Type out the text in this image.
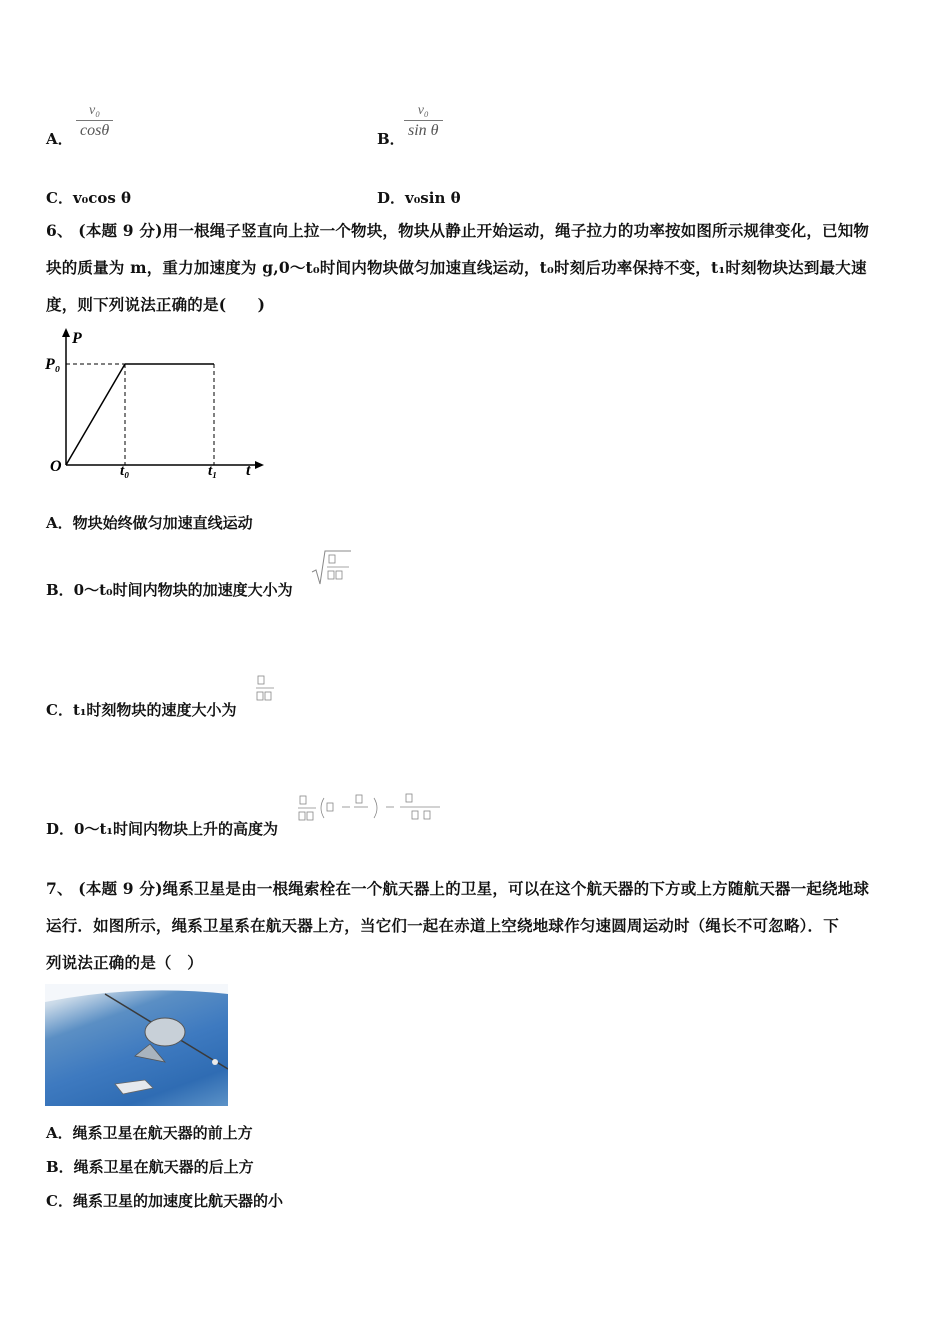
A． $\frac{\text{v₀}}{\cos\theta}$	B． $\frac{\text{v₀}}{\text{sin θ}}$
C．v₀cos θ	D．v₀sin θ
6、 (本题 9 分)用一根绳子竖直向上拉一个物块，物块从静止开始运动，绳子拉力的功率按如图所示规律变化，已知物
块的质量为 m，重力加速度为 g,0～t₀时间内物块做匀加速直线运动，t₀时刻后功率保持不变，t₁时刻物块达到最大速
度，则下列说法正确的是(　　)
P
P₀
O	t₀	t₁ t
A．物块始终做匀加速直线运动
B．0～t₀时间内物块的加速度大小为
C．t₁时刻物块的速度大小为
D．0～t₁时间内物块上升的高度为
7、 (本题 9 分)绳系卫星是由一根绳索栓在一个航天器上的卫星，可以在这个航天器的下方或上方随航天器一起绕地球
运行．如图所示，绳系卫星系在航天器上方，当它们一起在赤道上空绕地球作匀速圆周运动时（绳长不可忽略）．下
列说法正确的是（　）
A．绳系卫星在航天器的前上方
B．绳系卫星在航天器的后上方
C．绳系卫星的加速度比航天器的小
